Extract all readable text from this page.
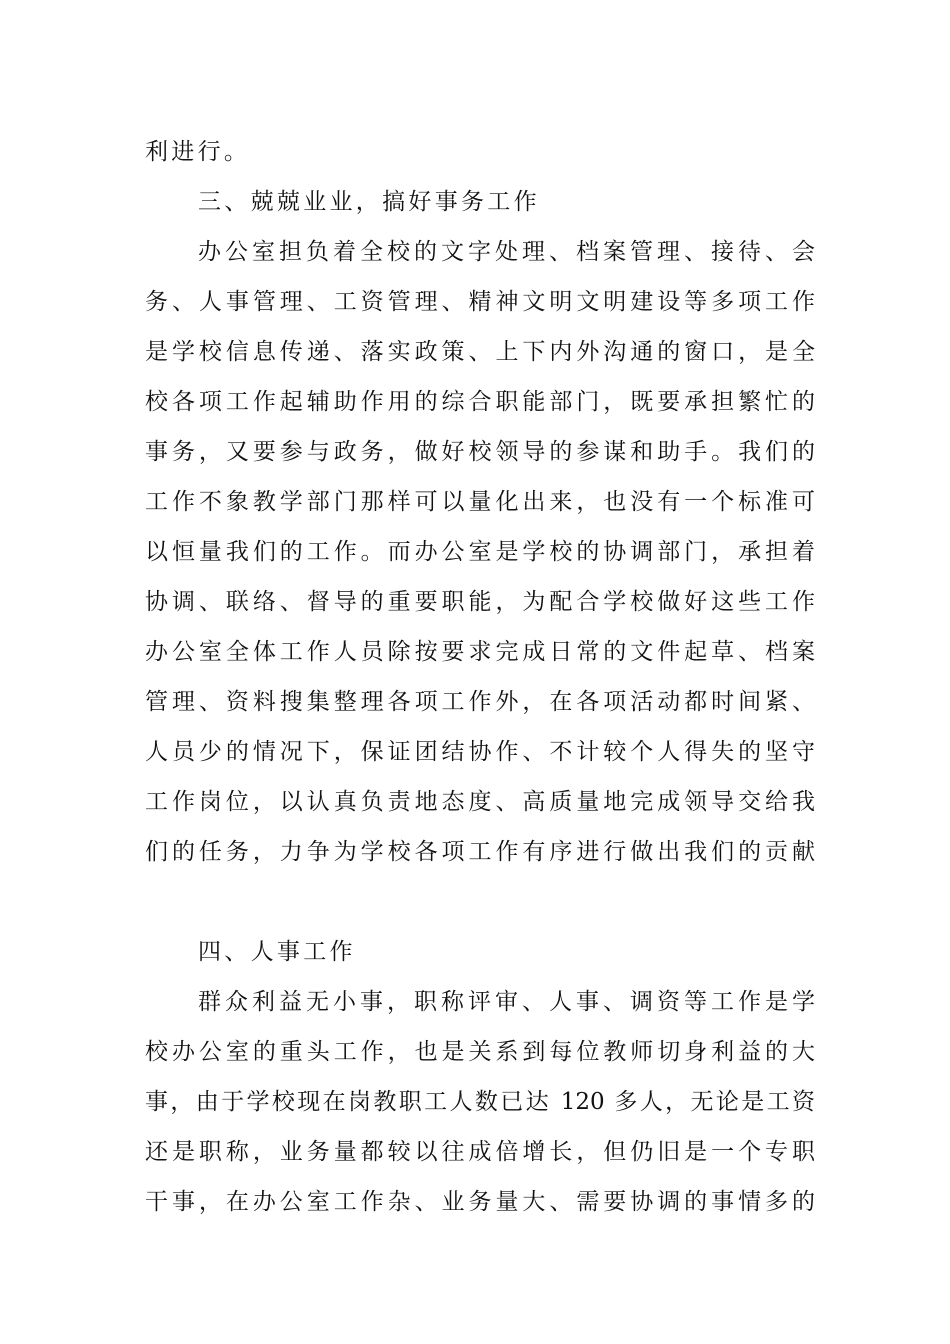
利进行。
三、兢兢业业，搞好事务工作
办公室担负着全校的文字处理、档案管理、接待、会
务、人事管理、工资管理、精神文明文明建设等多项工作
是学校信息传递、落实政策、上下内外沟通的窗口，是全
校各项工作起辅助作用的综合职能部门，既要承担繁忙的
事务，又要参与政务，做好校领导的参谋和助手。我们的
工作不象教学部门那样可以量化出来，也没有一个标准可
以恒量我们的工作。而办公室是学校的协调部门，承担着
协调、联络、督导的重要职能，为配合学校做好这些工作
办公室全体工作人员除按要求完成日常的文件起草、档案
管理、资料搜集整理各项工作外，在各项活动都时间紧、
人员少的情况下，保证团结协作、不计较个人得失的坚守
工作岗位，以认真负责地态度、高质量地完成领导交给我
们的任务，力争为学校各项工作有序进行做出我们的贡献
四、人事工作
群众利益无小事，职称评审、人事、调资等工作是学
校办公室的重头工作，也是关系到每位教师切身利益的大
事，由于学校现在岗教职工人数已达 120 多人，无论是工资
还是职称，业务量都较以往成倍增长，但仍旧是一个专职
干事，在办公室工作杂、业务量大、需要协调的事情多的
